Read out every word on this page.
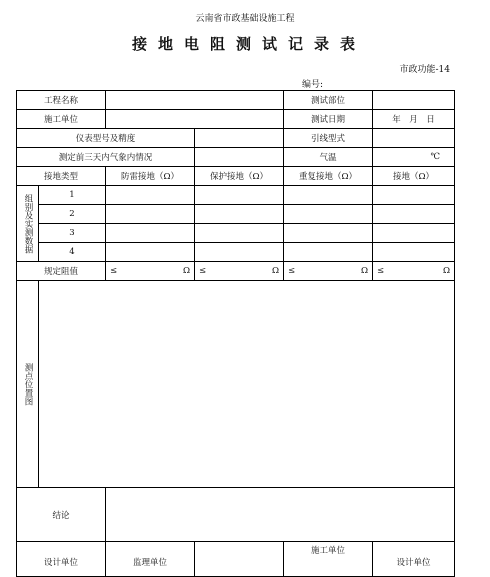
云南省市政基础设施工程
接地电阻测试记录表
市政功能-14
编号:
工程名称				测试部位	
施工单位				测试日期	年　月　日
仪表型号及精度				引线型式	
测定前三天内气象内情况				气温	℃
接地类型		防雷接地（Ω）	保护接地（Ω）	重复接地（Ω）	接地（Ω）

组别及实测数据	1				
	2				
	3				
	4				
规定阻值		≤ Ω	≤ Ω	≤ Ω	≤ Ω

测点位置图					

结论					
设计单位		监理单位		施工单位	设计单位
